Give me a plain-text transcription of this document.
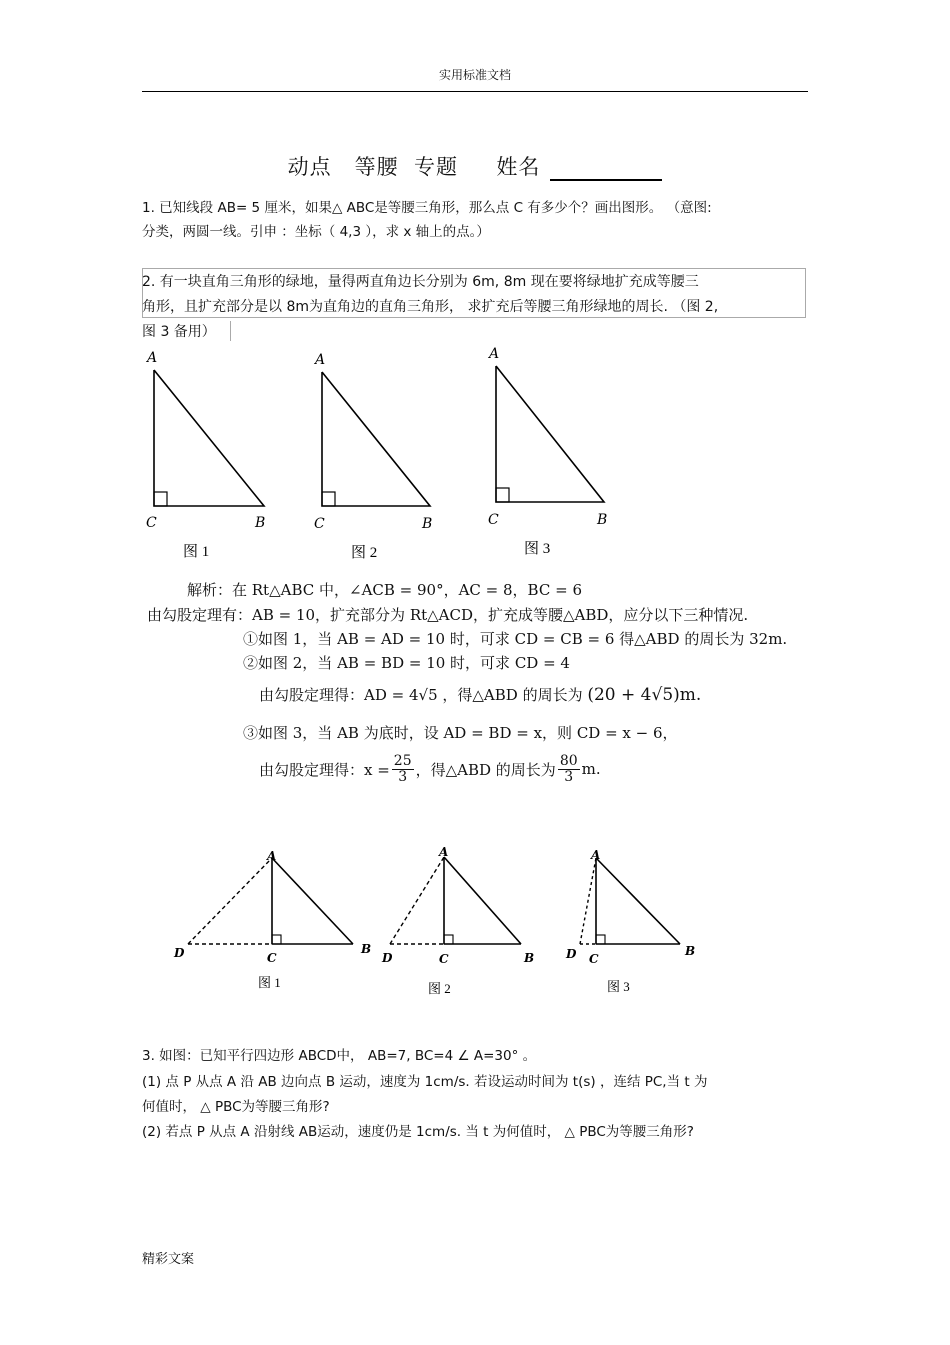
实用标准文档
动点   等腰  专题     姓名
1. 已知线段 AB= 5 厘米，如果△ ABC是等腰三角形，那么点 C 有多少个？画出图形。 （意图:
分类，两圆一线。引申 ：坐标（ 4,3 ），求 x 轴上的点。）
2. 有一块直角三角形的绿地，量得两直角边长分别为 6m, 8m 现在要将绿地扩充成等腰三
角形，且扩充部分是以 8m为直角边的直角三角形， 求扩充后等腰三角形绿地的周长. （图 2,
图 3 备用）
A
C	B
图 1
A
C	B
图 2
A
C	B
图 3
A
D	C
B
图 1
A
D	C	B
图 2
A
D C
B
图 3
解析：在 Rt△ABC 中，∠ACB = 90°，AC = 8，BC = 6
由勾股定理有：AB = 10，扩充部分为 Rt△ACD，扩充成等腰△ABD，应分以下三种情况.
①如图 1，当 AB = AD = 10 时，可求 CD = CB = 6 得△ABD 的周长为 32m.
②如图 2，当 AB = BD = 10 时，可求 CD = 4
由勾股定理得：AD = 4√5 ，得△ABD 的周长为 (20 + 4√5)m.
③如图 3，当 AB 为底时，设 AD = BD = x，则 CD = x − 6，
由勾股定理得：$x = \frac{25}{3}$ ，得△ABD 的周长为 $\frac{80}{3} m$.
3. 如图：已知平行四边形 ABCD中， AB=7, BC=4 ∠ A=30° 。
(1) 点 P 从点 A 沿 AB 边向点 B 运动，速度为 1cm/s. 若设运动时间为 t(s) ，连结 PC,当 t 为
何值时， △ PBC为等腰三角形?
(2) 若点 P 从点 A 沿射线 AB运动，速度仍是 1cm/s. 当 t 为何值时， △ PBC为等腰三角形?
精彩文案
